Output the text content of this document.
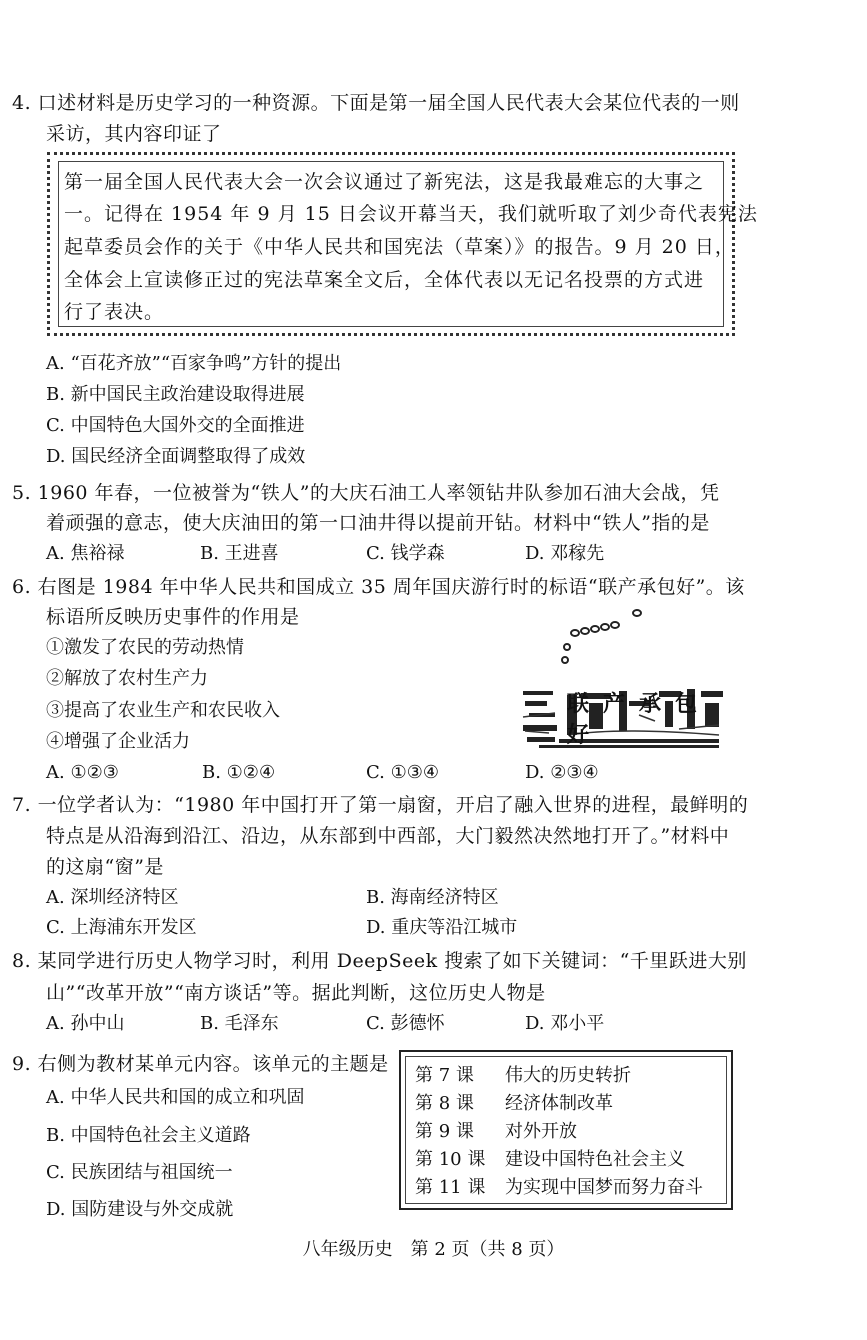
4. 口述材料是历史学习的一种资源。下面是第一届全国人民代表大会某位代表的一则
采访，其内容印证了
第一届全国人民代表大会一次会议通过了新宪法，这是我最难忘的大事之
一。记得在 1954 年 9 月 15 日会议开幕当天，我们就听取了刘少奇代表宪法
起草委员会作的关于《中华人民共和国宪法（草案）》的报告。9 月 20 日，
全体会上宣读修正过的宪法草案全文后，全体代表以无记名投票的方式进
行了表决。
A. “百花齐放”“百家争鸣”方针的提出
B. 新中国民主政治建设取得进展
C. 中国特色大国外交的全面推进
D. 国民经济全面调整取得了成效
5. 1960 年春，一位被誉为“铁人”的大庆石油工人率领钻井队参加石油大会战，凭
着顽强的意志，使大庆油田的第一口油井得以提前开钻。材料中“铁人”指的是
A. 焦裕禄	B. 王进喜	C. 钱学森	D. 邓稼先
6. 右图是 1984 年中华人民共和国成立 35 周年国庆游行时的标语“联产承包好”。该
标语所反映历史事件的作用是
①激发了农民的劳动热情
②解放了农村生产力
③提高了农业生产和农民收入
④增强了企业活力
联产承包好
A. ①②③	B. ①②④	C. ①③④	D. ②③④
7. 一位学者认为：“1980 年中国打开了第一扇窗，开启了融入世界的进程，最鲜明的
特点是从沿海到沿江、沿边，从东部到中西部，大门毅然决然地打开了。”材料中
的这扇“窗”是
A. 深圳经济特区	B. 海南经济特区
C. 上海浦东开发区	D. 重庆等沿江城市
8. 某同学进行历史人物学习时，利用 DeepSeek 搜索了如下关键词：“千里跃进大别
山”“改革开放”“南方谈话”等。据此判断，这位历史人物是
A. 孙中山	B. 毛泽东	C. 彭德怀	D. 邓小平
9. 右侧为教材某单元内容。该单元的主题是
A. 中华人民共和国的成立和巩固
B. 中国特色社会主义道路
C. 民族团结与祖国统一
D. 国防建设与外交成就
第 7 课 伟大的历史转折
第 8 课 经济体制改革
第 9 课 对外开放
第 10 课 建设中国特色社会主义
第 11 课 为实现中国梦而努力奋斗
八年级历史　第 2 页（共 8 页）
